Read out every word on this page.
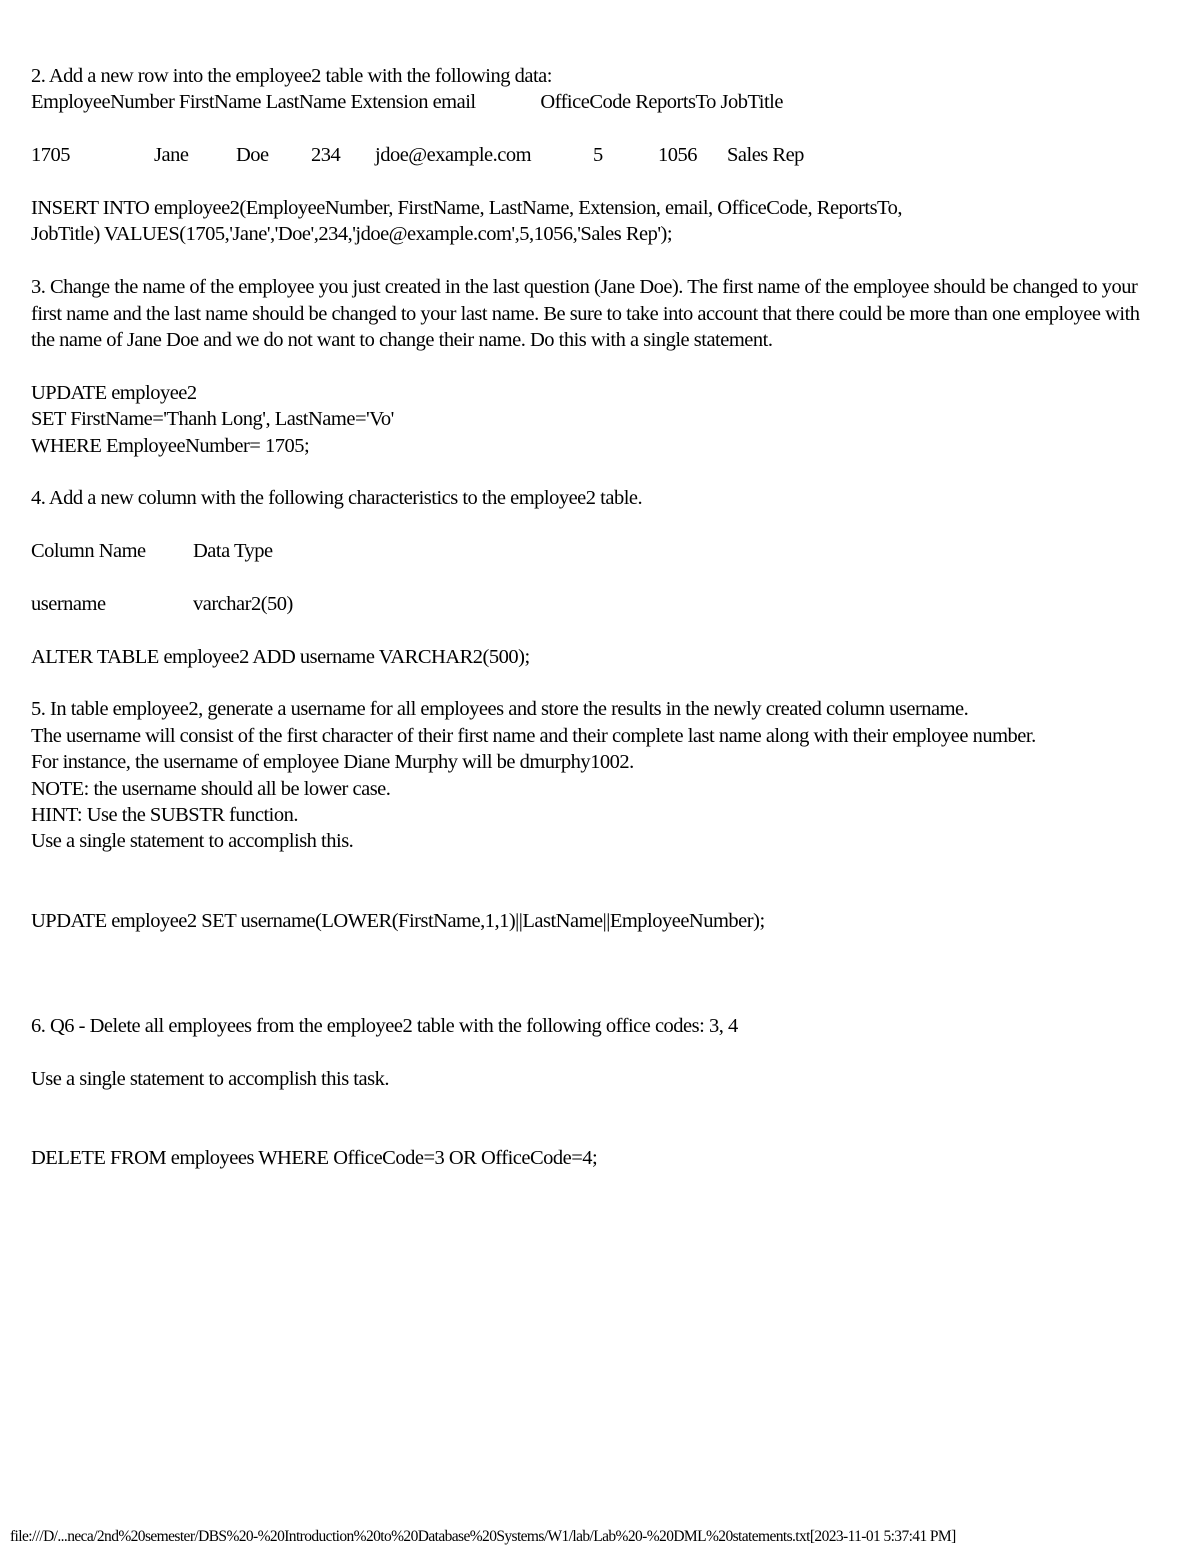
2. Add a new row into the employee2 table with the following data:
EmployeeNumber FirstName LastName Extension email              OfficeCode ReportsTo JobTitle
1705	Jane	Doe	234	jdoe@example.com	5	1056	Sales Rep
INSERT INTO employee2(EmployeeNumber, FirstName, LastName, Extension, email, OfficeCode, ReportsTo,
JobTitle) VALUES(1705,'Jane','Doe',234,'jdoe@example.com',5,1056,'Sales Rep');
3. Change the name of the employee you just created in the last question (Jane Doe). The first name of the employee should be changed to your first name and the last name should be changed to your last name. Be sure to take into account that there could be more than one employee with the name of Jane Doe and we do not want to change their name. Do this with a single statement.
UPDATE employee2
SET FirstName='Thanh Long', LastName='Vo'
WHERE EmployeeNumber= 1705;
4. Add a new column with the following characteristics to the employee2 table.
Column Name	Data Type
username	varchar2(50)
ALTER TABLE employee2 ADD username VARCHAR2(500);
5. In table employee2, generate a username for all employees and store the results in the newly created column username.
The username will consist of the first character of their first name and their complete last name along with their employee number.
For instance, the username of employee Diane Murphy will be dmurphy1002.
NOTE: the username should all be lower case.
HINT: Use the SUBSTR function.
Use a single statement to accomplish this.
UPDATE employee2 SET username(LOWER(FirstName,1,1)||LastName||EmployeeNumber);
6. Q6 - Delete all employees from the employee2 table with the following office codes: 3, 4
Use a single statement to accomplish this task.
DELETE FROM employees WHERE OfficeCode=3 OR OfficeCode=4;
file:///D/...neca/2nd%20semester/DBS%20-%20Introduction%20to%20Database%20Systems/W1/lab/Lab%20-%20DML%20statements.txt[2023-11-01 5:37:41 PM]
